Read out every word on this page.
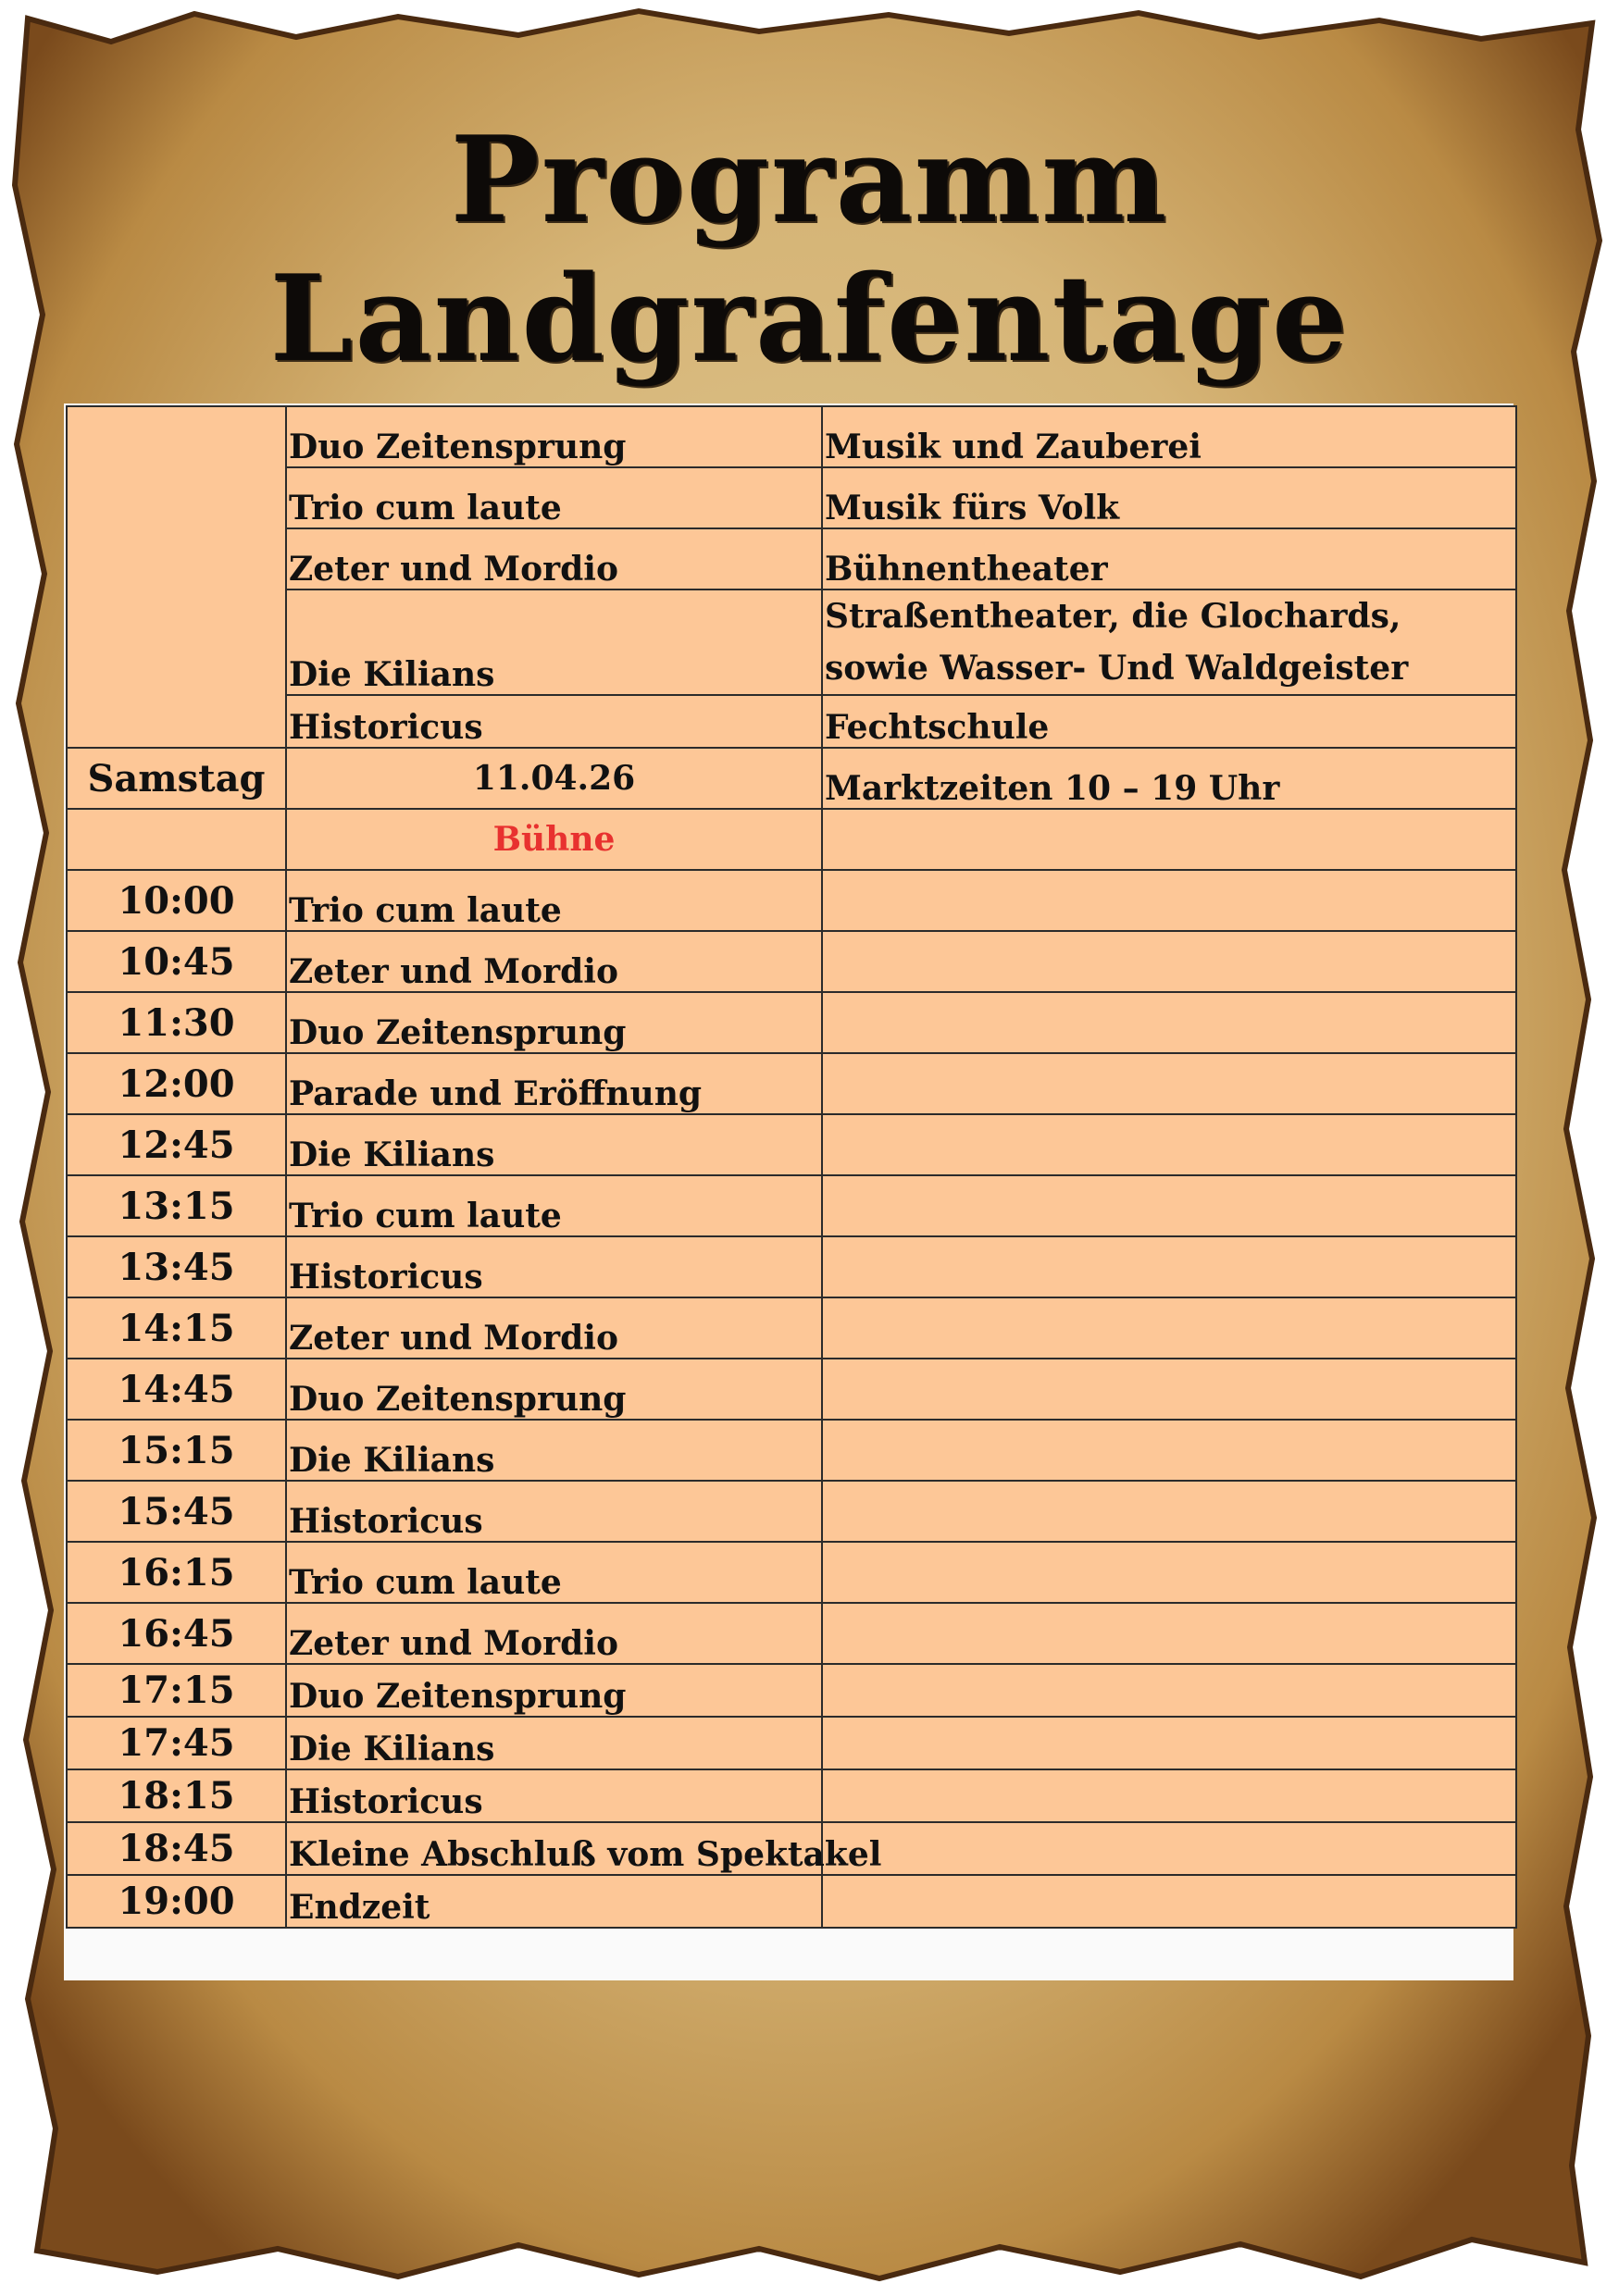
Programm Landgrafentage
	Duo Zeitensprung	Musik und Zauberei
	Trio cum laute	Musik fürs Volk
	Zeter und Mordio	Bühnentheater
	Die Kilians	Straßentheater, die Glochards, sowie Wasser- Und Waldgeister
	Historicus	Fechtschule
Samstag	11.04.26	Marktzeiten 10 – 19 Uhr
	Bühne	
10:00	Trio cum laute	
10:45	Zeter und Mordio	
11:30	Duo Zeitensprung	
12:00	Parade und Eröffnung	
12:45	Die Kilians	
13:15	Trio cum laute	
13:45	Historicus	
14:15	Zeter und Mordio	
14:45	Duo Zeitensprung	
15:15	Die Kilians	
15:45	Historicus	
16:15	Trio cum laute	
16:45	Zeter und Mordio	
17:15	Duo Zeitensprung	
17:45	Die Kilians	
18:15	Historicus	
18:45	Kleine Abschluß vom Spektakel	
19:00	Endzeit	
